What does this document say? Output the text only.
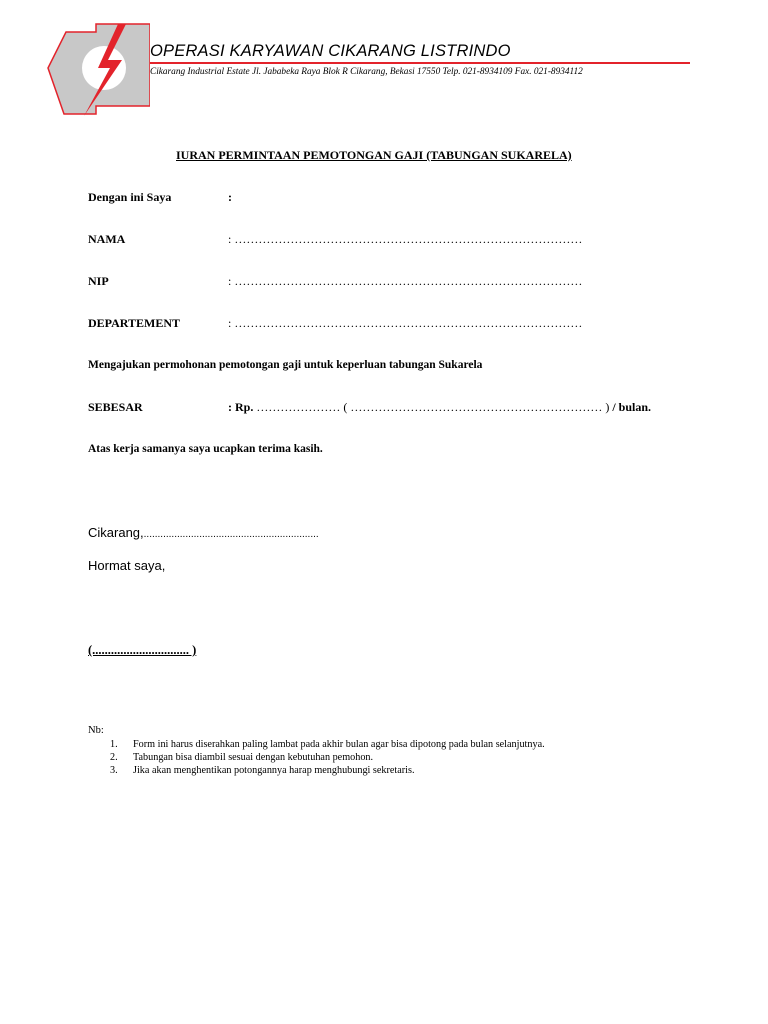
OPERASI KARYAWAN CIKARANG LISTRINDO
Cikarang Industrial Estate Jl. Jababeka Raya Blok R Cikarang, Bekasi 17550 Telp. 021-8934109 Fax. 021-8934112
IURAN PERMINTAAN PEMOTONGAN GAJI (TABUNGAN SUKARELA)
Dengan ini Saya	:
NAMA	: ……………………………………………………………………………
NIP	: ……………………………………………………………………………
DEPARTEMENT	: ……………………………………………………………………………
Mengajukan permohonan pemotongan gaji untuk keperluan tabungan Sukarela
SEBESAR	: Rp. ………………… ( ……………………………………………………… ) / bulan.
Atas kerja samanya saya ucapkan terima kasih.
Cikarang,...............................................................
Hormat saya,
(............................... )
Nb:
1. Form ini harus diserahkan paling lambat pada akhir bulan agar bisa dipotong pada bulan selanjutnya.
2. Tabungan bisa diambil sesuai dengan kebutuhan pemohon.
3. Jika akan menghentikan potongannya harap menghubungi sekretaris.
